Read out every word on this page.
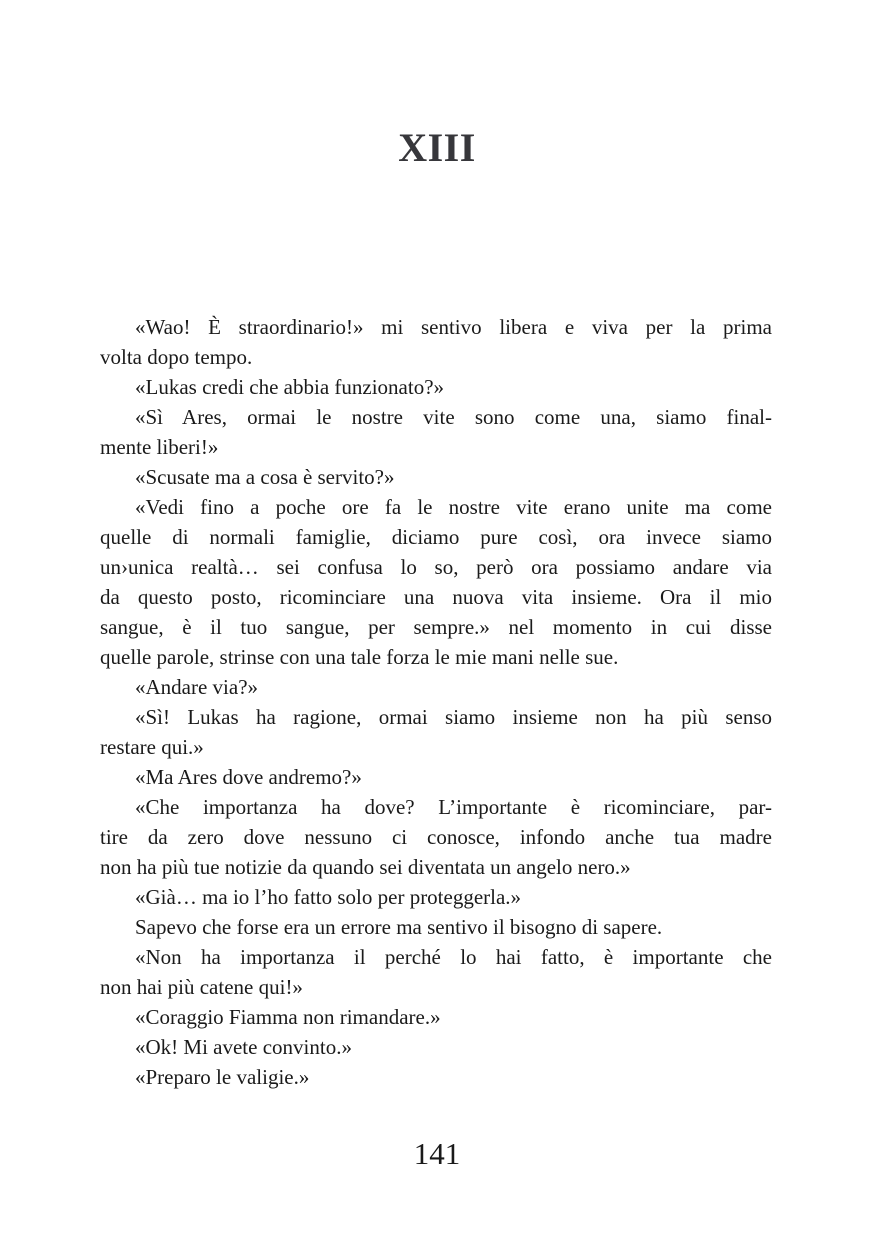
XIII
«Wao! È straordinario!» mi sentivo libera e viva per la prima
volta dopo tempo.
«Lukas credi che abbia funzionato?»
«Sì Ares, ormai le nostre vite sono come una, siamo final-
mente liberi!»
«Scusate ma a cosa è servito?»
«Vedi fino a poche ore fa le nostre vite erano unite ma come
quelle di normali famiglie, diciamo pure così, ora invece siamo
un›unica realtà… sei confusa lo so, però ora possiamo andare via
da questo posto, ricominciare una nuova vita insieme. Ora il mio
sangue, è il tuo sangue, per sempre.» nel momento in cui disse
quelle parole, strinse con una tale forza le mie mani nelle sue.
«Andare via?»
«Sì! Lukas ha ragione, ormai siamo insieme non ha più senso
restare qui.»
«Ma Ares dove andremo?»
«Che importanza ha dove? L’importante è ricominciare, par-
tire da zero dove nessuno ci conosce, infondo anche tua madre
non ha più tue notizie da quando sei diventata un angelo nero.»
«Già… ma io l’ho fatto solo per proteggerla.»
Sapevo che forse era un errore ma sentivo il bisogno di sapere.
«Non ha importanza il perché lo hai fatto, è importante che
non hai più catene qui!»
«Coraggio Fiamma non rimandare.»
«Ok! Mi avete convinto.»
«Preparo le valigie.»
141
